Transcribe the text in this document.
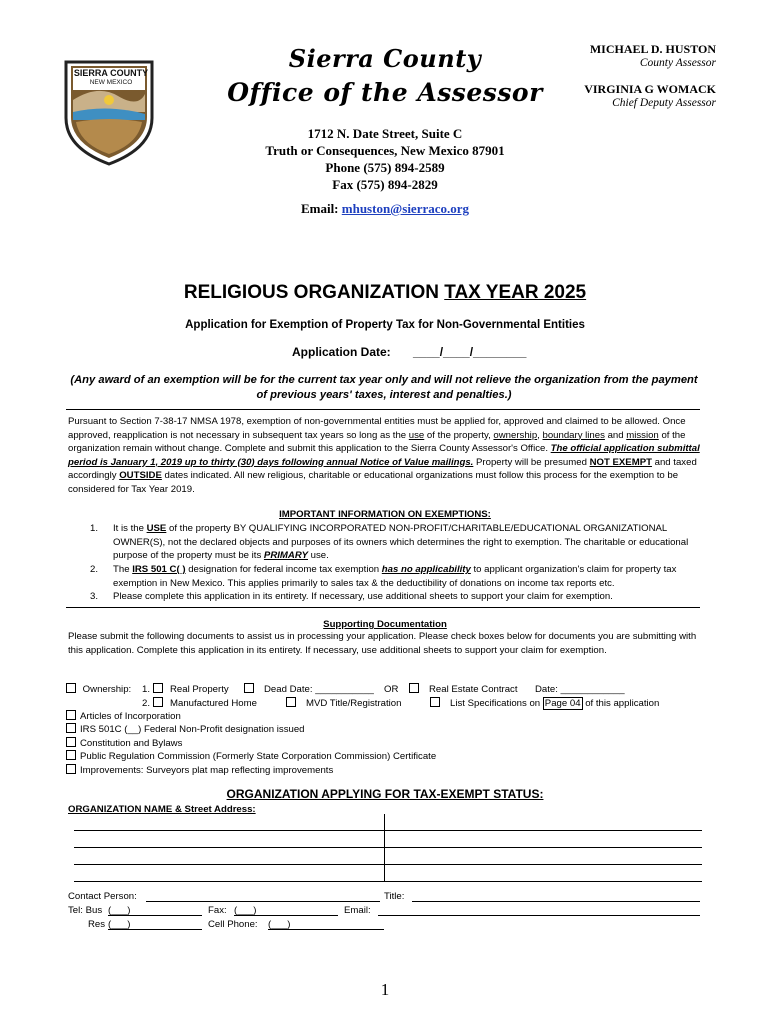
SIERRA COUNTY
NEW MEXICO
Sierra County
Office of the Assessor
1712 N. Date Street, Suite C
Truth or Consequences, New Mexico 87901
Phone (575) 894-2589
Fax (575) 894-2829
Email: mhuston@sierraco.org
MICHAEL D. HUSTON
County Assessor
VIRGINIA G WOMACK
Chief Deputy Assessor
RELIGIOUS ORGANIZATION TAX YEAR 2025
Application for Exemption of Property Tax for Non-Governmental Entities
Application Date: ____/____/________
(Any award of an exemption will be for the current tax year only and will not relieve the organization from the payment of previous years' taxes, interest and penalties.)
Pursuant to Section 7-38-17 NMSA 1978, exemption of non-governmental entities must be applied for, approved and claimed to be allowed. Once approved, reapplication is not necessary in subsequent tax years so long as the use of the property, ownership, boundary lines and mission of the organization remain without change. Complete and submit this application to the Sierra County Assessor's Office. The official application submittal period is January 1, 2019 up to thirty (30) days following annual Notice of Value mailings. Property will be presumed NOT EXEMPT and taxed accordingly OUTSIDE dates indicated. All new religious, charitable or educational organizations must follow this process for the exemption to be considered for Tax Year 2019.
IMPORTANT INFORMATION ON EXEMPTIONS:
1. It is the USE of the property BY QUALIFYING INCORPORATED NON-PROFIT/CHARITABLE/EDUCATIONAL ORGANIZATIONAL OWNER(S), not the declared objects and purposes of its owners which determines the right to exemption. The charitable or educational purpose of the property must be its PRIMARY use.
2. The IRS 501 C( ) designation for federal income tax exemption has no applicability to applicant organization's claim for property tax exemption in New Mexico. This applies primarily to sales tax & the deductibility of donations on income tax reports etc.
3. Please complete this application in its entirety. If necessary, use additional sheets to support your claim for exemption.
Supporting Documentation
Please submit the following documents to assist us in processing your application. Please check boxes below for documents you are submitting with this application. Complete this application in its entirety. If necessary, use additional sheets to support your claim for exemption.
Ownership: 1.	Real Property	Dead Date: ___________ OR	Real Estate Contract Date: ____________
2.	Manufactured Home	MVD Title/Registration	List Specifications on Page 04 of this application
Articles of Incorporation
IRS 501C (__) Federal Non-Profit designation issued
Constitution and Bylaws
Public Regulation Commission (Formerly State Corporation Commission) Certificate
Improvements: Surveyors plat map reflecting improvements
ORGANIZATION APPLYING FOR TAX-EXEMPT STATUS:
ORGANIZATION NAME & Street Address:
Contact Person:	Title:
Tel: Bus (___)	Fax: (___)	Email:
Res (___)	Cell Phone: (___)
1
